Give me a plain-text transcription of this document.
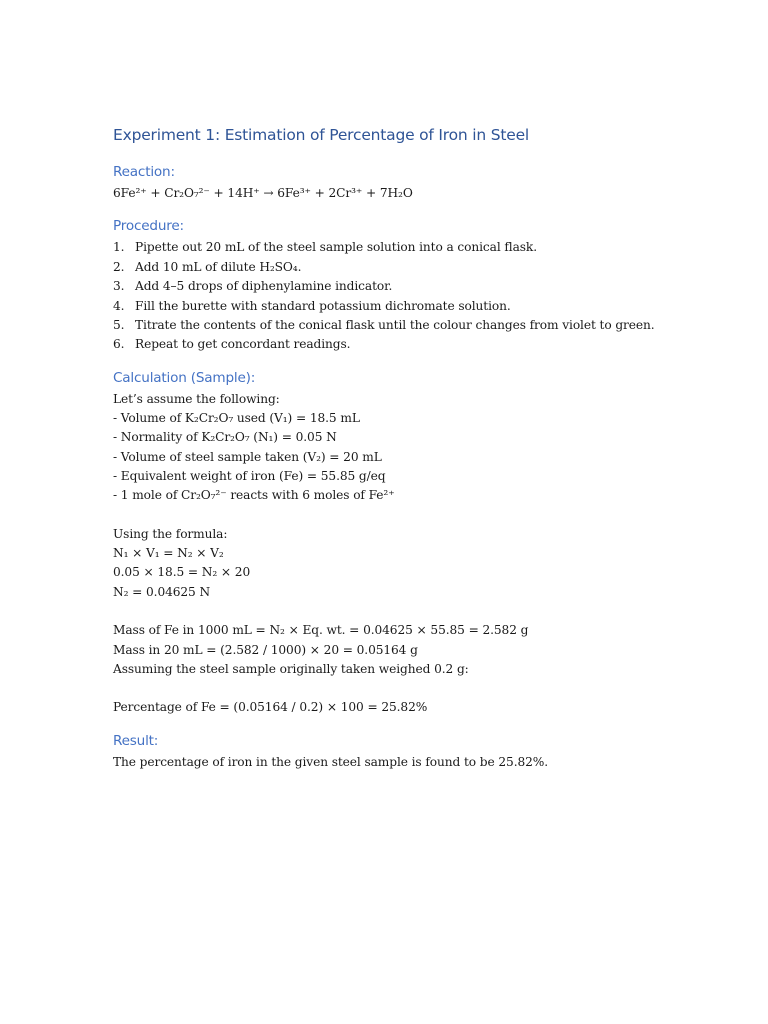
Experiment 1: Estimation of Percentage of Iron in Steel
Reaction:
6Fe²⁺ + Cr₂O₇²⁻ + 14H⁺ → 6Fe³⁺ + 2Cr³⁺ + 7H₂O
Procedure:
1. Pipette out 20 mL of the steel sample solution into a conical flask.
2. Add 10 mL of dilute H₂SO₄.
3. Add 4–5 drops of diphenylamine indicator.
4. Fill the burette with standard potassium dichromate solution.
5. Titrate the contents of the conical flask until the colour changes from violet to green.
6. Repeat to get concordant readings.
Calculation (Sample):
Let’s assume the following:
- Volume of K₂Cr₂O₇ used (V₁) = 18.5 mL
- Normality of K₂Cr₂O₇ (N₁) = 0.05 N
- Volume of steel sample taken (V₂) = 20 mL
- Equivalent weight of iron (Fe) = 55.85 g/eq
- 1 mole of Cr₂O₇²⁻ reacts with 6 moles of Fe²⁺
Using the formula:
N₁ × V₁ = N₂ × V₂
0.05 × 18.5 = N₂ × 20
N₂ = 0.04625 N
Mass of Fe in 1000 mL = N₂ × Eq. wt. = 0.04625 × 55.85 = 2.582 g
Mass in 20 mL = (2.582 / 1000) × 20 = 0.05164 g
Assuming the steel sample originally taken weighed 0.2 g:
Percentage of Fe = (0.05164 / 0.2) × 100 = 25.82%
Result:
The percentage of iron in the given steel sample is found to be 25.82%.
